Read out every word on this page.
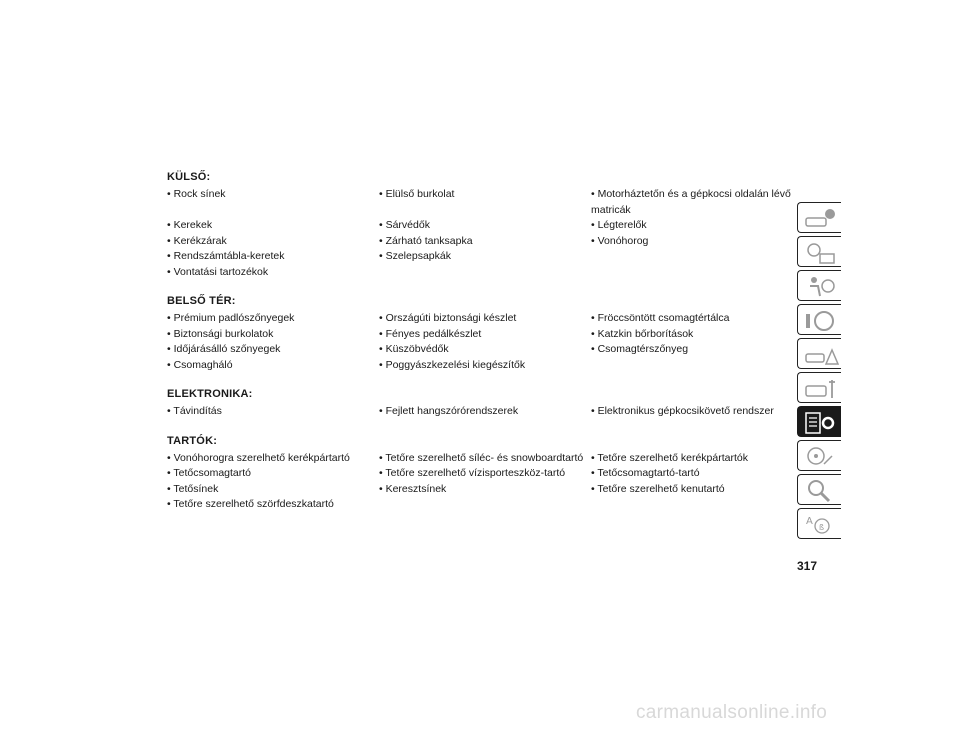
KÜLSŐ:
• Rock sínek	• Elülső burkolat	• Motorháztetőn és a gépkocsi oldalán lévő matricák
• Kerekek	• Sárvédők	• Légterelők
• Kerékzárak	• Zárható tanksapka	• Vonóhorog
• Rendszámtábla-keretek	• Szelepsapkák
• Vontatási tartozékok
BELSŐ TÉR:
• Prémium padlószőnyegek	• Országúti biztonsági készlet	• Fröccsöntött csomagtértálca
• Biztonsági burkolatok	• Fényes pedálkészlet	• Katzkin bőrborítások
• Időjárásálló szőnyegek	• Küszöbvédők	• Csomagtérszőnyeg
• Csomagháló	• Poggyászkezelési kiegészítők
ELEKTRONIKA:
• Távindítás	• Fejlett hangszórórendszerek	• Elektronikus gépkocsikövető rendszer
TARTÓK:
• Vonóhorogra szerelhető kerékpártartó	• Tetőre szerelhető síléc- és snowboardtartó • Tetőre szerelhető kerékpártartók
• Tetőcsomagtartó	• Tetőre szerelhető vízisporteszköz-tartó	• Tetőcsomagtartó-tartó
• Tetősínek	• Keresztsínek	• Tetőre szerelhető kenutartó
• Tetőre szerelhető szörfdeszkatartó
A
ß
317
carmanualsonline.info
